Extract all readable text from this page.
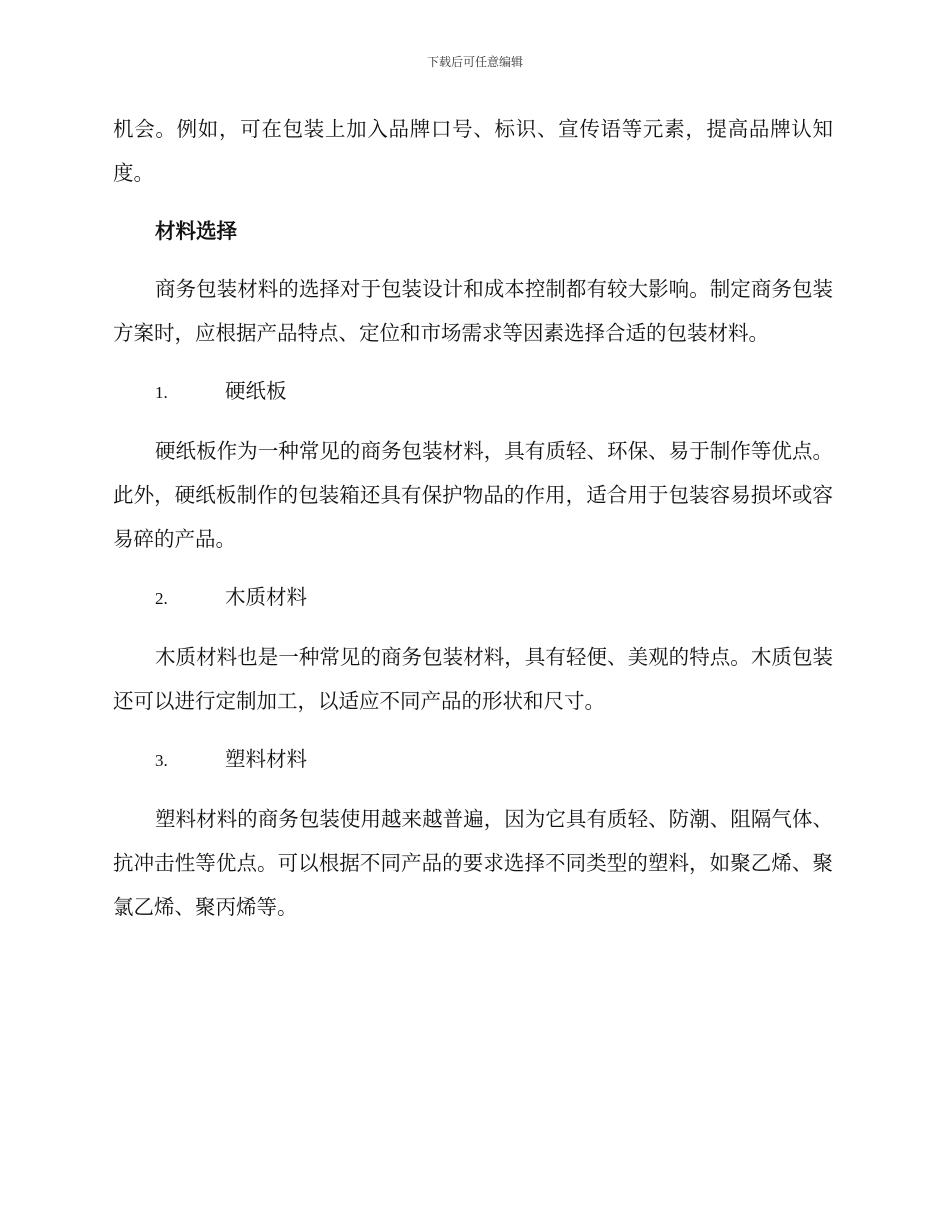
下载后可任意编辑

机会。例如，可在包装上加入品牌口号、标识、宣传语等元素，提高品牌认知度。

材料选择

商务包装材料的选择对于包装设计和成本控制都有较大影响。制定商务包装方案时，应根据产品特点、定位和市场需求等因素选择合适的包装材料。

1.	硬纸板

硬纸板作为一种常见的商务包装材料，具有质轻、环保、易于制作等优点。此外，硬纸板制作的包装箱还具有保护物品的作用，适合用于包装容易损坏或容易碎的产品。

2.	木质材料

木质材料也是一种常见的商务包装材料，具有轻便、美观的特点。木质包装还可以进行定制加工，以适应不同产品的形状和尺寸。

3.	塑料材料

塑料材料的商务包装使用越来越普遍，因为它具有质轻、防潮、阻隔气体、抗冲击性等优点。可以根据不同产品的要求选择不同类型的塑料，如聚乙烯、聚氯乙烯、聚丙烯等。
